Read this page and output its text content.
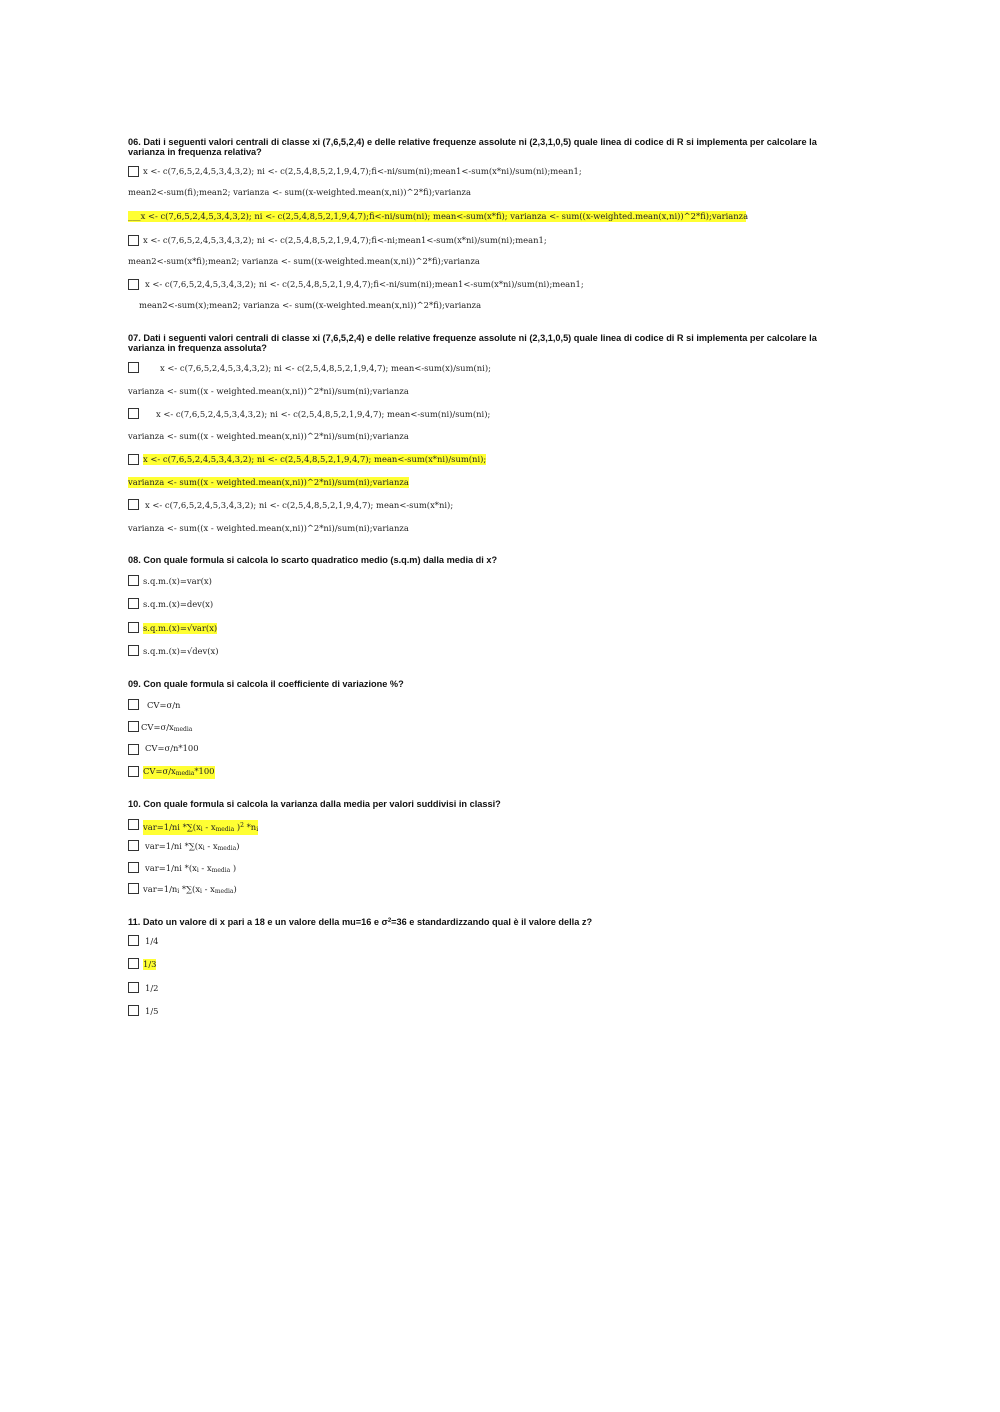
06. Dati i seguenti valori centrali di classe xi (7,6,5,2,4) e delle relative frequenze assolute ni (2,3,1,0,5) quale linea di codice di R si implementa per calcolare la varianza in frequenza relativa?
x <- c(7,6,5,2,4,5,3,4,3,2); ni <- c(2,5,4,8,5,2,1,9,4,7);fi<-ni/sum(ni);mean1<-sum(x*ni)/sum(ni);mean1;
mean2<-sum(fi);mean2; varianza <- sum((x-weighted.mean(x,ni))^2*fi);varianza
___x <- c(7,6,5,2,4,5,3,4,3,2); ni <- c(2,5,4,8,5,2,1,9,4,7);fi<-ni/sum(ni); mean<-sum(x*fi); varianza <- sum((x-weighted.mean(x,ni))^2*fi);varianza
x <- c(7,6,5,2,4,5,3,4,3,2); ni <- c(2,5,4,8,5,2,1,9,4,7);fi<-ni;mean1<-sum(x*ni)/sum(ni);mean1;
mean2<-sum(x*fi);mean2; varianza <- sum((x-weighted.mean(x,ni))^2*fi);varianza
x <- c(7,6,5,2,4,5,3,4,3,2); ni <- c(2,5,4,8,5,2,1,9,4,7);fi<-ni/sum(ni);mean1<-sum(x*ni)/sum(ni);mean1;
mean2<-sum(x);mean2; varianza <- sum((x-weighted.mean(x,ni))^2*fi);varianza
07. Dati i seguenti valori centrali di classe xi (7,6,5,2,4) e delle relative frequenze assolute ni (2,3,1,0,5) quale linea di codice di R si implementa per calcolare la varianza in frequenza assoluta?
x <- c(7,6,5,2,4,5,3,4,3,2); ni <- c(2,5,4,8,5,2,1,9,4,7); mean<-sum(x)/sum(ni);
varianza <- sum((x - weighted.mean(x,ni))^2*ni)/sum(ni);varianza
x <- c(7,6,5,2,4,5,3,4,3,2); ni <- c(2,5,4,8,5,2,1,9,4,7); mean<-sum(ni)/sum(ni);
varianza <- sum((x - weighted.mean(x,ni))^2*ni)/sum(ni);varianza
x <- c(7,6,5,2,4,5,3,4,3,2); ni <- c(2,5,4,8,5,2,1,9,4,7); mean<-sum(x*ni)/sum(ni);
varianza <- sum((x - weighted.mean(x,ni))^2*ni)/sum(ni);varianza
x <- c(7,6,5,2,4,5,3,4,3,2); ni <- c(2,5,4,8,5,2,1,9,4,7); mean<-sum(x*ni);
varianza <- sum((x - weighted.mean(x,ni))^2*ni)/sum(ni);varianza
08. Con quale formula si calcola lo scarto quadratico medio (s.q.m) dalla media di x?
s.q.m.(x)=var(x)
s.q.m.(x)=dev(x)
s.q.m.(x)=√var(x)
s.q.m.(x)=√dev(x)
09. Con quale formula si calcola il coefficiente di variazione %?
CV=σ/n
$CV=\sigma/x_{media}$
CV=σ/n*100
$CV=\sigma/x_{media}*100$
10. Con quale formula si calcola la varianza dalla media per valori suddivisi in classi?
var=1/ni $*\sum(x_i - x_{media}$ )$^2$ $*n_i$
var=1/ni $*\sum(x_i - x_{media})$
var=1/ni $*(x_i - x_{media}$ )
$var=1/n_i$ $*\sum(x_i - x_{media})$
11. Dato un valore di x pari a 18 e un valore della mu=16 e $\sigma^2=36$ e standardizzando qual è il valore della z?
1/4
1/3
1/2
1/5
